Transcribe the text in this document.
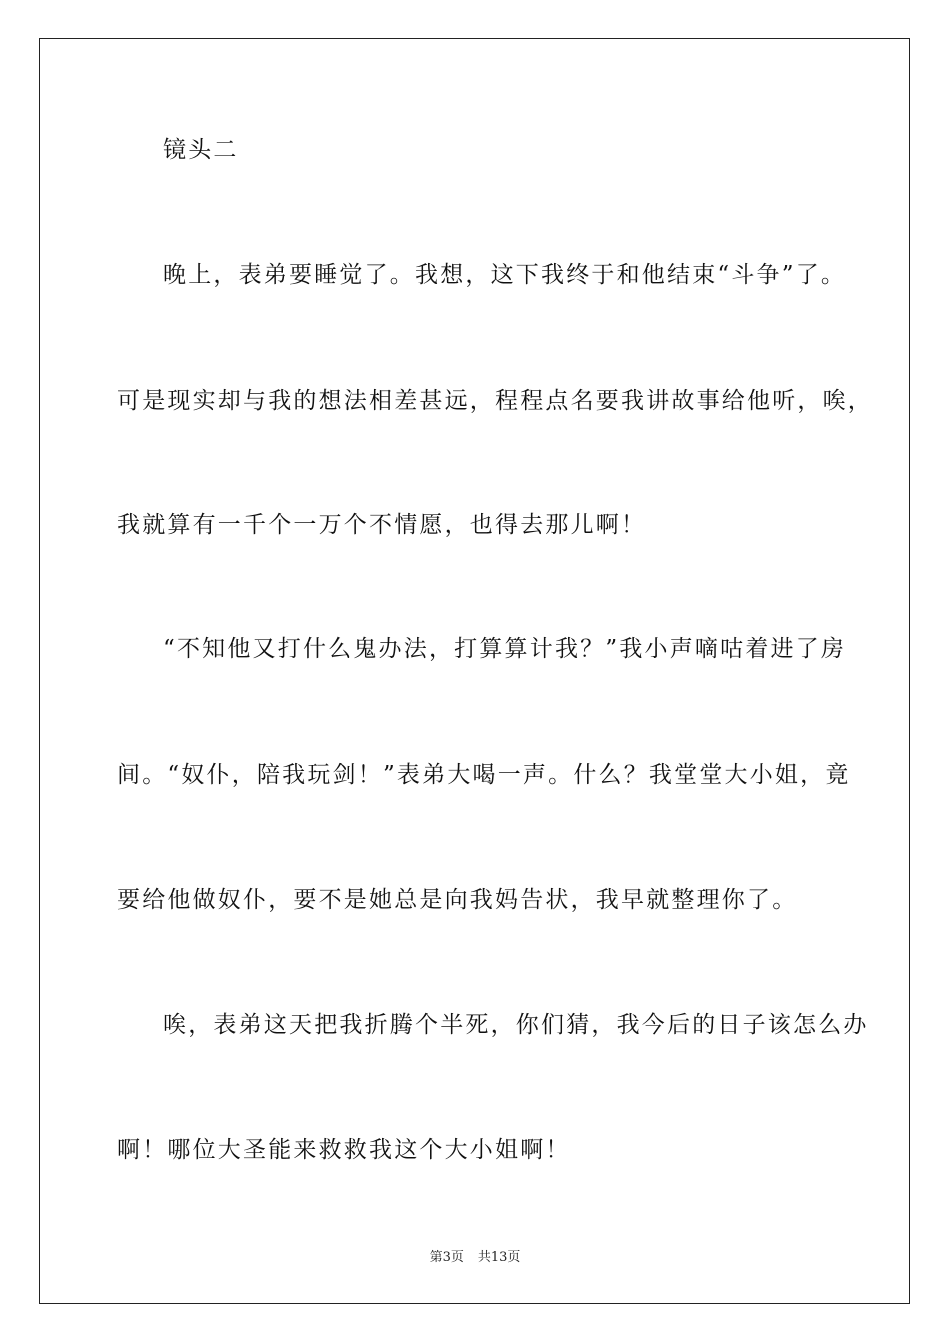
镜头二
晚上，表弟要睡觉了。我想，这下我终于和他结束“斗争”了。
可是现实却与我的想法相差甚远，程程点名要我讲故事给他听，唉，
我就算有一千个一万个不情愿，也得去那儿啊！
“不知他又打什么鬼办法，打算算计我？”我小声嘀咕着进了房
间。“奴仆，陪我玩剑！”表弟大喝一声。什么？我堂堂大小姐，竟
要给他做奴仆，要不是她总是向我妈告状，我早就整理你了。
唉，表弟这天把我折腾个半死，你们猜，我今后的日子该怎么办
啊！哪位大圣能来救救我这个大小姐啊！
第3页 共13页
